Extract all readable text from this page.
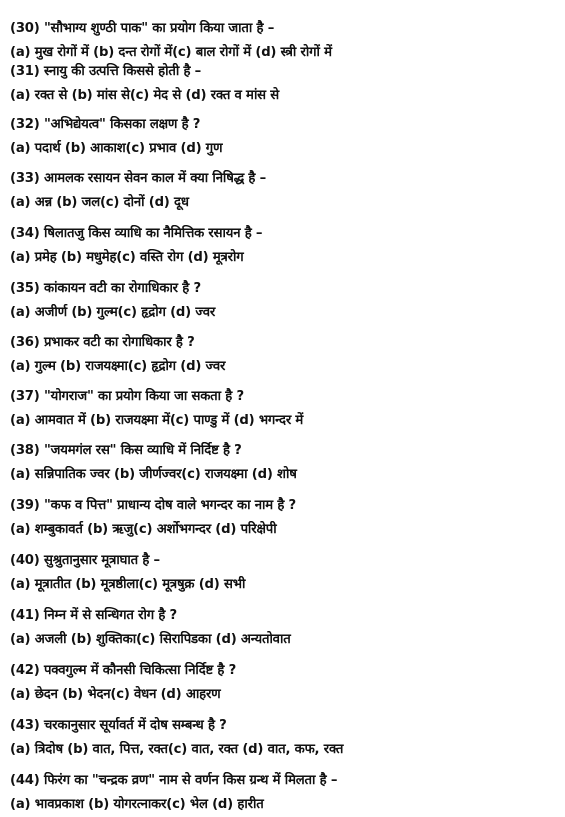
(30) "सौभाग्य शुण्ठी पाक" का प्रयोग किया जाता है –
(a) मुख रोगों में (b) दन्त रोगों में(c) बाल रोगों में (d) स्त्री रोगों में
(31) स्नायु की उत्पत्ति किससे होती है –
(a) रक्त से (b) मांस से(c) मेद से (d) रक्त व मांस से
(32) "अभिद्येयत्व" किसका लक्षण है ?
(a) पदार्थ (b) आकाश(c) प्रभाव (d) गुण
(33) आमलक रसायन सेवन काल में क्या निषिद्ध है –
(a) अन्न (b) जल(c) दोनों (d) दूध
(34) षिलातजु किस व्याधि का नैमित्तिक रसायन है –
(a) प्रमेह (b) मधुमेह(c) वस्ति रोग (d) मूत्ररोग
(35) कांकायन वटी का रोगाधिकार है ?
(a) अजीर्ण (b) गुल्म(c) हृद्रोग (d) ज्वर
(36) प्रभाकर वटी का रोगाधिकार है ?
(a) गुल्म (b) राजयक्ष्मा(c) हृद्रोग (d) ज्वर
(37) "योगराज" का प्रयोग किया जा सकता है ?
(a) आमवात में (b) राजयक्ष्मा में(c) पाण्डु में (d) भगन्दर में
(38) "जयमगंल रस" किस व्याधि में निर्दिष्ट है ?
(a) सन्निपातिक ज्वर (b) जीर्णज्वर(c) राजयक्ष्मा (d) शोष
(39) "कफ व पित्त" प्राधान्य दोष वाले भगन्दर का नाम है ?
(a) शम्बुकावर्त (b) ऋजु(c) अर्शोभगन्दर (d) परिक्षेपी
(40) सुश्रुतानुसार मूत्राघात है –
(a) मूत्रातीत (b) मूत्रष्ठीला(c) मूत्रषुक्र (d) सभी
(41) निम्न में से सन्धिगत रोग है ?
(a) अजली (b) शुक्तिका(c) सिरापिडका (d) अन्यतोवात
(42) पक्वगुल्म में कौनसी चिकित्सा निर्दिष्ट है ?
(a) छेदन (b) भेदन(c) वेधन (d) आहरण
(43) चरकानुसार सूर्यावर्त में दोष सम्बन्ध है ?
(a) त्रिदोष (b) वात, पित्त, रक्त(c) वात, रक्त (d) वात, कफ, रक्त
(44) फिरंग का "चन्द्रक व्रण" नाम से वर्णन किस ग्रन्थ में मिलता है –
(a) भावप्रकाश (b) योगरत्नाकर(c) भेल (d) हारीत
